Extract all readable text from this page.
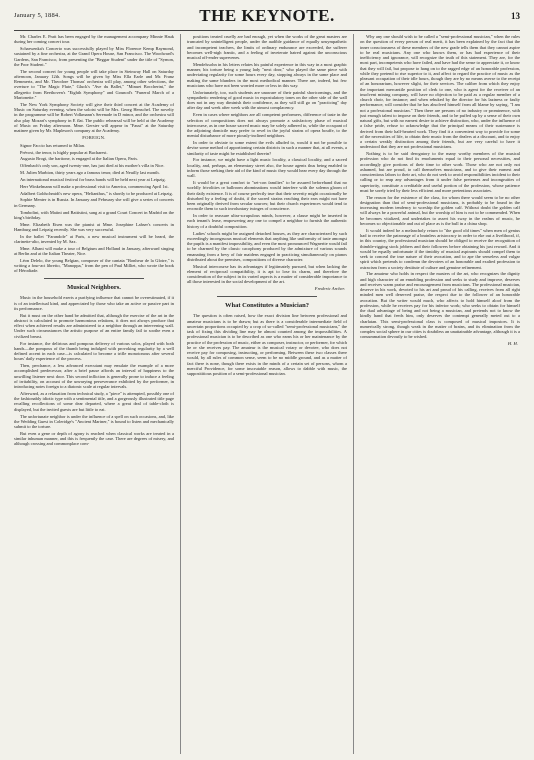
January 5, 1884.	THE KEYNOTE.	13

Mr. Charles E. Pratt has been engaged by the management accompany Minnie Hauk during her coming concert tour.

Scharwenka's Concerto was successfully played by Miss Florence Kemp Raymond, sustained by a fine orchestra, at the Grand Opera House, San Francisco. The Woodward's Gardens, San Francisco, from presenting the "Beggar Student" under the title of "Symon, the Poor Student."

The second concert for young people will take place in Steinway Hall on Saturday afternoon, January 12th. Songs will be given by Miss Ella Earle and Mr. Franz Remmertz, and Mr. Theodore Thomas' orchestra will play, among other selections, the overture to "The Magic Flute," Gluck's "Ave du Ballet," "Minuet Boccherini," the allegretto from Beethoven's "Eighth Symphony" and Gounod's "Funeral March of a Marionette."

The New York Symphony Society will give their third concert at the Academy of Music on Saturday evening, when the soloist will be Mrs. Georg Henschel. The novelty in the programme will be Robert Volkmann's Serenade in D minor, and the orchestra will also play Mozart's symphony in E flat. The public rehearsal will be held at the Academy of Music on Friday afternoon. Mme. Gerster will appear in "Faust" at the Saturday matinee given by Mr. Mapleson's company at the Academy.

FOREIGN.

Signor Faccio has returned to Milan.

Prévost, the tenor, is highly popular at Bucharest.

Augusto Brogi, the baritone, is engaged at the Italian Opera, Paris.

Offenbach's only son, aged twenty-one, has just died at his mother's villa in Nice.

M. Julien Marbion, thirty years ago a famous tenor, died at Neuilly last month.

An international musical festival for brass bands will be held next year at Leipzig.

Herr Winkelmann will make a professional visit to America, commencing April 1st.

Adalbert Goldschmidt's new opera, "Helianthus," is shortly to be produced at Leipzig.

Sophie Menter is in Russia. In January and February she will give a series of concerts in Germany.

Tombolini, with Maiini and Battistini, sang at a grand Court Concert in Madrid on the king's birthday.

Mme. Elizabeth Eisen was the pianist at Mme. Josephine Lahser's concerts in Hamburg and Leipzig recently. She was very successful.

In the ballet "Farandole" at Paris, a new musical instrument will be heard, the clarinette-alto, invented by M. Sax.

Mme. Albani will make a tour of Belgium and Holland in January, afterward singing at Berlin and at the Italian Theater, Nice.

Léon Delelo, the young Belgian, composer of the cantata "Bonheur de la Gloire," is writing a four-act libretto, "Manoppa," from the pen of Paul Milliet, who wrote the book of Hérodiade.

Musical Neighbors.

Music in the household exerts a purifying influence that cannot be overestimated, if it is of an intellectual kind, and appreciated by those who take an active or passive part in its performance.

But it must on the other hand be admitted that, although the exercise of the art in the abstract is calculated to promote harmonious relations, it does not always produce that effect when achieved results are administered to a neighbor through an intervening wall. Under such circumstances the artistic purpose of an entire family fail to soothe even a civilized breast.

For instance, the delirious and pompous delivery of various solos, played with both hands—the pompous of the thumb being indulged with provoking regularity by a well defined accent in each case—is calculated to become a trifle monotonous after several hours' daily experience of the process.

Then, perchance, a less advanced executant may emulate the example of a more accomplished predecessor, after a brief pause affords an interval of happiness to the unwilling listener next door. This second infliction is generally prone to induce a feeling of irritability, on account of the unvarying perseverance exhibited by the performer, in introducing notes foreign to a diatonic scale at regular intervals.

Afterward, as a relaxation from technical study, a "piece" is attempted, possibly one of the fashionably idiotic type with a sentimental title, and a gorgeously illustrated title page recalling recollections of some dear departed, where a great deal of table-cloth is displayed, but the invited guests are but little to eat.

The unfortunate neighbor is under the influence of a spell on such occasions, and, like the Wedding Guest in Coleridge's "Ancient Mariner," is bound to listen and mechanically submit to the torture.

But even a gene or depth of agony is reached when classical works are treated in a similar inhuman manner, and this is frequently the case. There are degrees of misery, and although crossing and commonplace com-

positions treated cruelly are bad enough, yet when the works of the great masters are truncated by unintelligent people, under the audible guidance of equally unsympathetic and incompetent teachers, the limits of ordinary endurance are exceeded, the sufferer becomes well-nigh frantic, and a feeling of inveterate hatred against the unconscious musical off-ender supervenes.

Mendelssohn in his letters relates his painful experience in this way in a most graphic manner, his torture being a young lady "next door," who played the same piece with undeviating regularity for some hours every day, stopping always in the same place and making the same blunders in the most methodical manner. There are, indeed, but few musicians who have not been worried more or less in this way.

Unfortunately, too, such students are unaware of their painful shortcomings, and the sympathetic rendering of good music in expostulatory tones on the other side of the wall does not in any way diminish their confidence, as they will still go on "practicing" day after day and week after week with the utmost complacency.

Even in cases where neighbors are all competent performers, difference of taste in the selection of compositions does not always promote a satisfactory phase of musical intercourse, as in one house sacred music may be solely adhered to, while the occupant of the adjoining domicile may prefer to revel in the joyful strains of opera bouffe, to the mental disturbance of more piously-inclined neighbors.

In order to obviate to some extent the evils alluded to, would it not be possible to devise some method of apportioning certain districts in such a manner that, at all events, a similarity of taste might be established therein?

For instance, we might have a light music locality, a classical locality, and a sacred locality, and, perhaps, an elementary street also, the house agents thus being enabled to inform those seeking their aid of the kind of music they would hear every day through the wall.

It would be a great comfort to "set-con families" to be assured beforehand that no worldly frivolities or ballroom abominations would interfere with the solemn gloom of their daily existence. It is of course perfectly true that their severity might occasionally be disturbed by a feeling of doubt, if the sacred strains reaching their ears might not have been originally derived from secular sources; but their church experiences would tend to reconcile them to such involuntary twinges of conscience.

In order to reassure ultra-scrupulous minds, however, a clause might be inserted in each tenant's lease, empowering any one to compel a neighbor to furnish the authentic history of a doubtful composition.

Ladies' schools might be assigned detached houses, as they are characterized by such exceedingly incongruous musical elements that anything like uniformity of taste amongst the pupils is a manifest impossibility, and even the most pronounced Wagnerite would fail to be charmed by the classic cacophony produced by the admixture of various sounds emanating from a bevy of fair maidens engaged in practicing simultaneously on pianos distributed about the premises, compositions of diverse character.

Musical intercourse has its advantages if legitimately pursued, but when lacking the element of reciprocal compatibility, it is apt to lose its charm, and therefore the consideration of the subject in its varied aspects is a matter of considerable importance to all those interested in the social development of the art.

Frederic Archer.
What Constitutes a Musician?

The question is often raised, how the exact division line between professional and amateur musicians is to be drawn; but as there is a considerable intermediate field of uncertain proportions occupied by a crop of so-called "semi-professional musicians," the task of fixing this dividing line may be almost counted among the impossibilities. A professional musician is to be described as one who earns his or her maintenance by the practice of the profession of music, either as composer, instructor, or performer, for which he or she receives pay. The amateur is the musical votary or devotee, who does not receive pay for composing, instructing, or performing. Between these two classes there would, by all rules of common sense, seem to be no middle ground, and as a matter of fact there is none, though there exists in the minds of a certain set of persons, whom a merciful Providence, for some inscrutable reason, allows to dabble with music, the supposititious position of a semi-professional musician.

Why any one should wish to be called a "semi-professional musician," when the rules on the question of every person of real merit, it has been explained by the fact that the inner consciousness of these members of the new grade tells them that they cannot aspire to be real musicians. Any one who knows them, or has had experience of their inefficiency and ignorance, will recognize the truth of this statement. They are, for the most part, incompetents who have failed, and have had the sense to appreciate it, or know that they will fail, but propose to hang on to the ragged edge of an honorable profession, while they pretend to rise superior to it, and affect to regard the practice of music as the pleasant occupation of their idle hours, though they are by no means averse to the receipt of an honorarium, however slight, for their services. The caliber from which they enjoy the important mercantile position of clerk to one, who is agent for the receiver of an insolvent mining company, will have no objection to be paid as a regular member of a church choir, for instance; and when rebuked by the director for his laziness or faulty performance, will consider that he has absolved himself from all blame by saying, "I am not a professional musician." Then there are persons of no industry or prominence, with just enough talent to impose on their friends, and to be puffed up by a sense of their own natural gifts, but with no earnest desire to achieve distinction, who, under the influence of a false pride, refuse to acknowledge that the principal means of their sustenance is derived from their half-hearted work. They find it a convenient way to provide for some of the necessities of life, to obtain their music from the dealers at a discount, and to enjoy a certain weakly distinction among their friends, but are very careful to have it understood that they are not professional musicians.

Nothing is to be said derogatory to the many worthy members of the musical profession who do not find its emoluments equal to their personal necessities, and accordingly give portions of their time to other work. Those who are not only not ashamed, but are proud, to call themselves musicians, and to give their earnest and conscientious labors to their art, who do not seek to avoid responsibilities incident to their calling or to reap any advantages from it under false pretenses and incongruities of superiority, constitute a creditable and useful portion of the profession, whose patience must be sorely tried by their less efficient and more pretentious associates.

The reason for the existence of the class, for whom there would seem to be no other designation than that of semi-professional musicians, is probably to be found in the increasing modern tendency to worship the golden calf. Without doubt the golden calf will always be a powerful animal, but the worship of him is not to be commended. When he becomes vitalized, and undertakes to assert his sway in the realms of music, he becomes so objectionable and out of place as is the bull in a china shop.

It would indeed be a melancholy return to "the good old times" when men of genius had to receive the patronage of a brainless aristocracy in order to eke out a livelihood, if, in this country, the professional musician should be obliged to receive the recognition of thimble-rigging stock jobbers and their followers before obtaining his just reward. And it would be equally unfortunate if the timidity of musical aspirants should compel them to seek to conceal the true nature of their avocation, and to ape the senseless and vulgar spirit which pretends to condemn the devotees of an honorable and exalted profession to ostracism from a society destitute of culture and genuine refinement.

The amateur who holds in respect the masters of the art, who recognizes the dignity and high character of an ennobling profession and seeks to study and improve, deserves and receives warm praise and encouragement from musicians. The professional musician, deserve in his work, devoted to his art and proud of his calling, receives from all right minded men well deserved praise, the respect due to the follower of an honorable avocation. But the writer would much, who affects to hold himself aloof from the profession, while he receives pay for his inferior work; who seeks to obtain for himself the dual advantage of being and not being a musician, and pretends not to know the kindly hand that feeds him, only deserves the contempt generally meted out to a charlatan. This semi-professional class is composed of musical impostors. It is numerically strong, though weak in the matter of brains, and its elimination from the complex social sphere in our cities is doubtless an unattainable advantage, although it is a consummation devoutly to be wished.

H. H.
